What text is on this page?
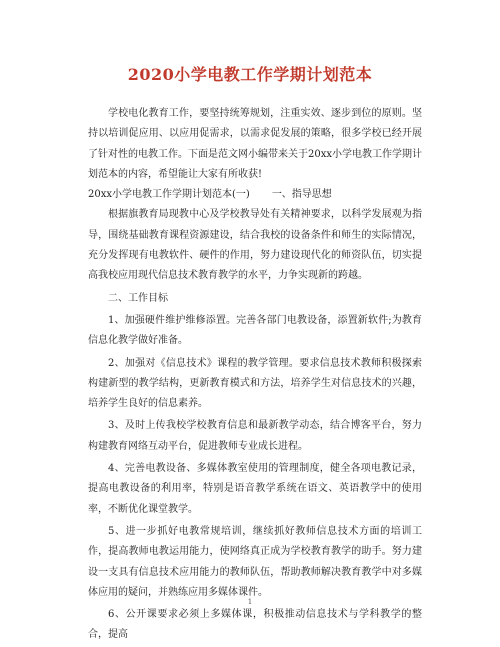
2020小学电教工作学期计划范本

学校电化教育工作，要坚持统筹规划，注重实效、逐步到位的原则。坚持以培训促应用、以应用促需求，以需求促发展的策略，很多学校已经开展了针对性的电教工作。下面是范文网小编带来关于20xx小学电教工作学期计划范本的内容，希望能让大家有所收获!

20xx小学电教工作学期计划范本(一) 一、指导思想

根据旗教育局现教中心及学校教导处有关精神要求，以科学发展观为指导，围绕基础教育课程资源建设，结合我校的设备条件和师生的实际情况，充分发挥现有电教软件、硬件的作用，努力建设现代化的师资队伍，切实提高我校应用现代信息技术教育教学的水平，力争实现新的跨越。

二、工作目标

1、加强硬件维护维修添置。完善各部门电教设备，添置新软件;为教育信息化教学做好准备。

2、加强对《信息技术》课程的教学管理。要求信息技术教师积极探索构建新型的教学结构，更新教育模式和方法，培养学生对信息技术的兴趣，培养学生良好的信息素养。

3、及时上传我校学校教育信息和最新教学动态，结合博客平台，努力构建教育网络互动平台，促进教师专业成长进程。

4、完善电教设备、多媒体教室使用的管理制度，健全各项电教记录，提高电教设备的利用率，特别是语音教学系统在语文、英语教学中的使用率，不断优化课堂教学。

5、进一步抓好电教常规培训，继续抓好教师信息技术方面的培训工作，提高教师电教运用能力，使网络真正成为学校教育教学的助手。努力建设一支具有信息技术应用能力的教师队伍，帮助教师解决教育教学中对多媒体应用的疑问，并熟练应用多媒体课件。

6、公开课要求必须上多媒体课，积极推动信息技术与学科教学的整合，提高

1
